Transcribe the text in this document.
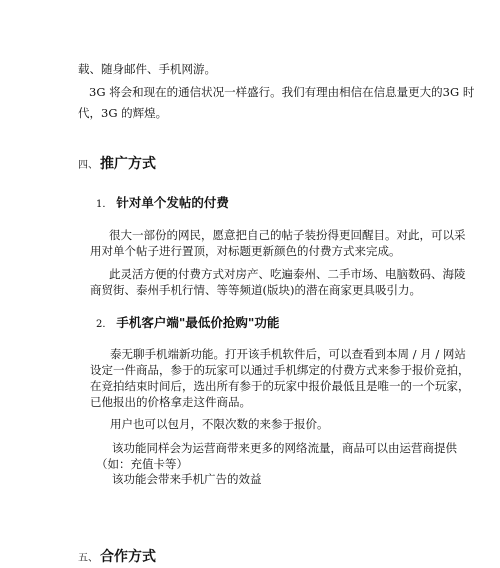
载、随身邮件、手机网游。
3G 将会和现在的通信状况一样盛行。我们有理由相信在信息量更大的3G 时
代，3G 的辉煌。
四、 推广方式
1． 针对单个发帖的付费
很大一部份的网民，愿意把自己的帖子装扮得更回醒目。对此，可以采
用对单个帖子进行置顶，对标题更新颜色的付费方式来完成。
此灵活方便的付费方式对房产、吃遍泰州、二手市场、电脑数码、海陵
商贸街、泰州手机行情、等等频道(版块)的潜在商家更具吸引力。
2． 手机客户端"最低价抢购"功能
泰无聊手机端新功能。打开该手机软件后，可以查看到本周 / 月 / 网站
设定一件商品，参于的玩家可以通过手机绑定的付费方式来参于报价竞拍，
在竞拍结束时间后，选出所有参于的玩家中报价最低且是唯一的一个玩家，
已他报出的价格拿走这件商品。
用户也可以包月，不限次数的来参于报价。
该功能同样会为运营商带来更多的网络流量，商品可以由运营商提供
（如：充值卡等）
该功能会带来手机广告的效益
五、 合作方式
